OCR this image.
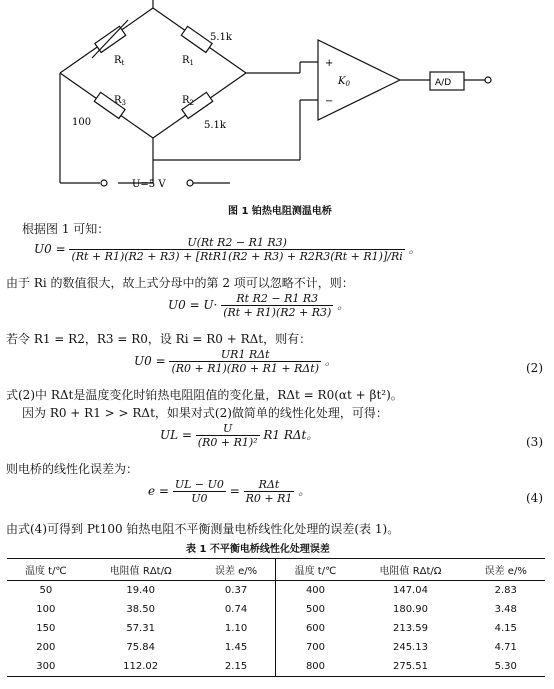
$R_t$	$R_1$
$R_3$	$R_2$
5.1k
5.1k
100
U=5 V
+
−
$K_0$	A/D
图 1 铂热电阻测温电桥
根据图 1 可知：
$U0 = \frac{\text{U(Rt R2 − R1 R3)}}{\text{(Rt + R1)(R2 + R3) + [RtR1(R2 + R3) + R2R3(Rt + R1)]/Ri}}$ 。
由于 Ri 的数值很大，故上式分母中的第 2 项可以忽略不计，则：
$U0 = U\cdot \frac{\text{Rt R2 − R1 R3}}{(Rt + R1)(R2 + R3)}$ 。
若令 R1 = R2，R3 = R0，设 Ri = R0 + RΔt，则有：
$U0 = \frac{\text{UR1 RΔt}}{\text{(R0 + R1)(R0 + R1 + RΔt)}}$ 。	(2)
式(2)中 RΔt是温度变化时铂热电阻阻值的变化量，RΔt = R0(αt + βt²)。
因为 R0 + R1 > > RΔt，如果对式(2)做简单的线性化处理，可得：
UL = $\frac{U}{\text{(R0 + R1)²}} R1$ RΔt。	(3)
则电桥的线性化误差为：
$e = \frac{UL - U0}{U0} = \frac{\text{RΔt}}{R0 + R1}$ 。	(4)
由式(4)可得到 Pt100 铂热电阻不平衡测量电桥线性化处理的误差(表 1)。
表 1 不平衡电桥线性化处理误差
温度 t/℃	电阻值 RΔt/Ω	误差 e/%	温度 t/℃	电阻值 RΔt/Ω	误差 e/%
50	19.40	0.37	400	147.04	2.83
100	38.50	0.74	500	180.90	3.48
150	57.31	1.10	600	213.59	4.15
200	75.84	1.45	700	245.13	4.71
300	112.02	2.15	800	275.51	5.30
